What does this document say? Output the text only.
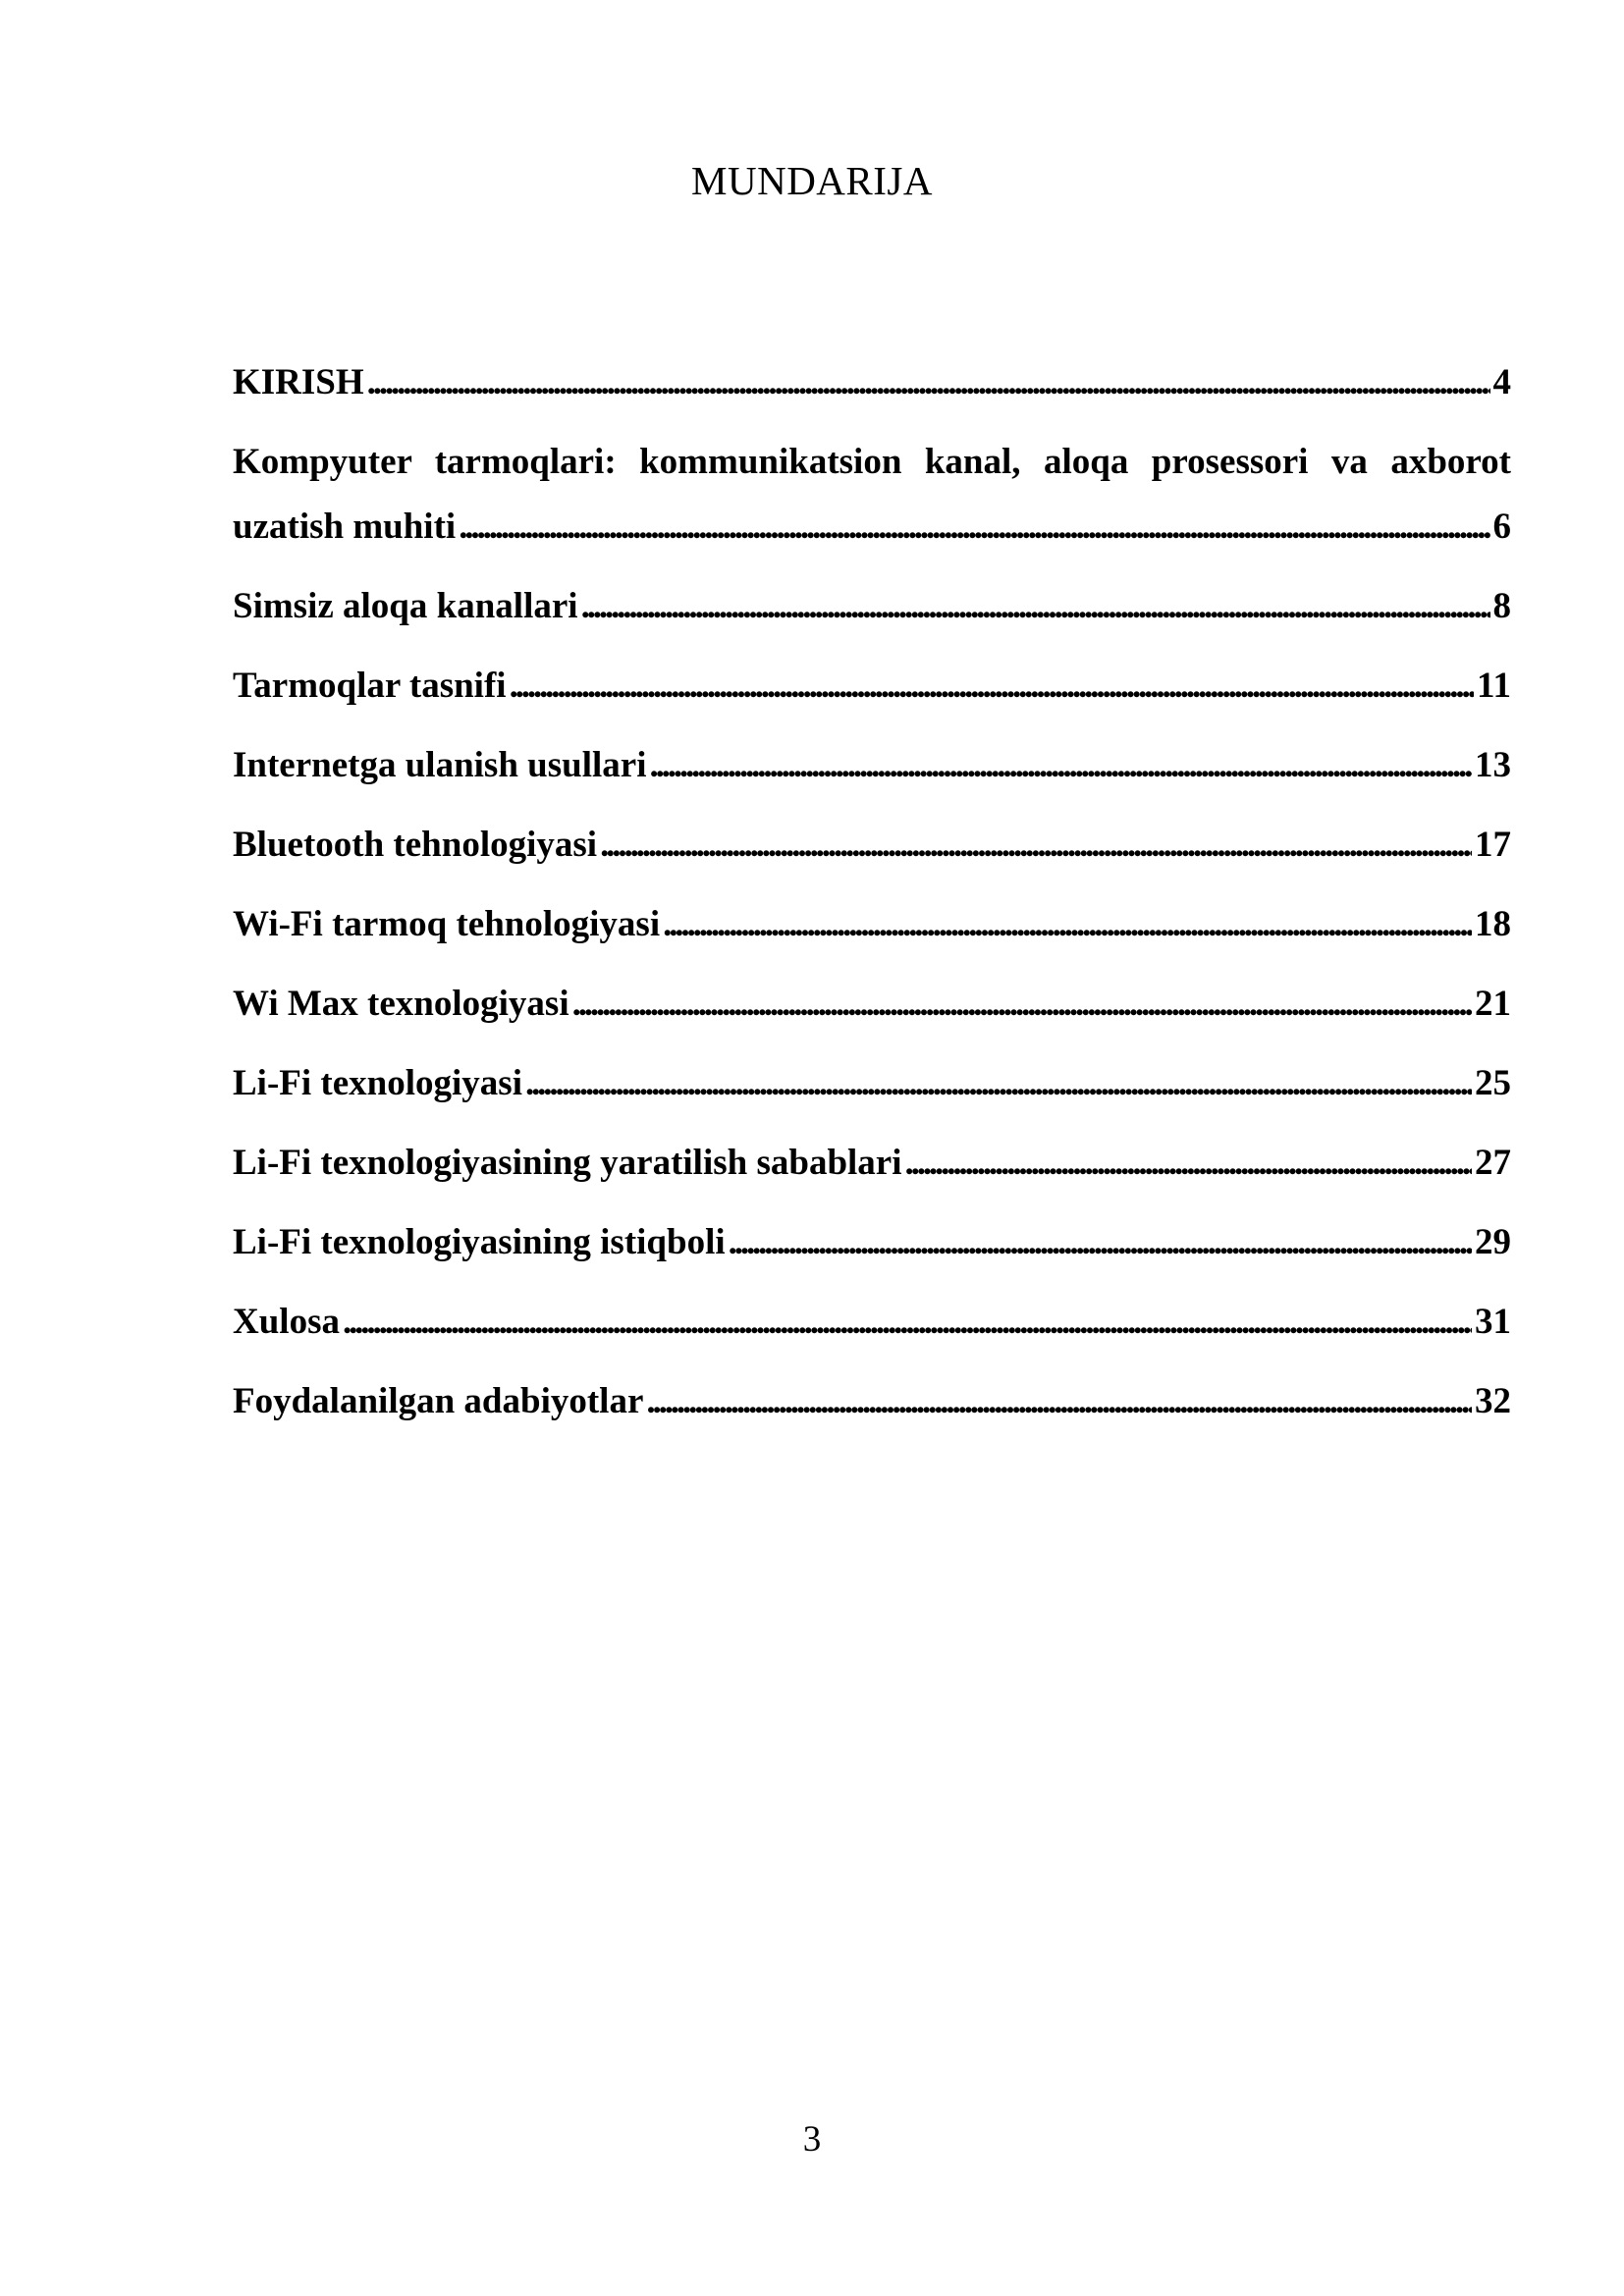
MUNDARIJA
KIRISH . . .	4
Kompyuter tarmoqlari: kommunikatsion kanal, aloqa prosessori va axborot
uzatish muhiti . . .	6
Simsiz aloqa kanallari . . .	8
Tarmoqlar tasnifi . . .	11
Internetga ulanish usullari . . .	13
Bluetooth tehnologiyasi . . .	17
Wi-Fi tarmoq tehnologiyasi . . .	18
Wi Max texnologiyasi . . .	21
Li-Fi texnologiyasi . . .	25
Li-Fi texnologiyasining yaratilish sabablari . . .	27
Li-Fi texnologiyasining istiqboli . . .	29
Xulosa . . .	31
Foydalanilgan adabiyotlar . . .	32
3
